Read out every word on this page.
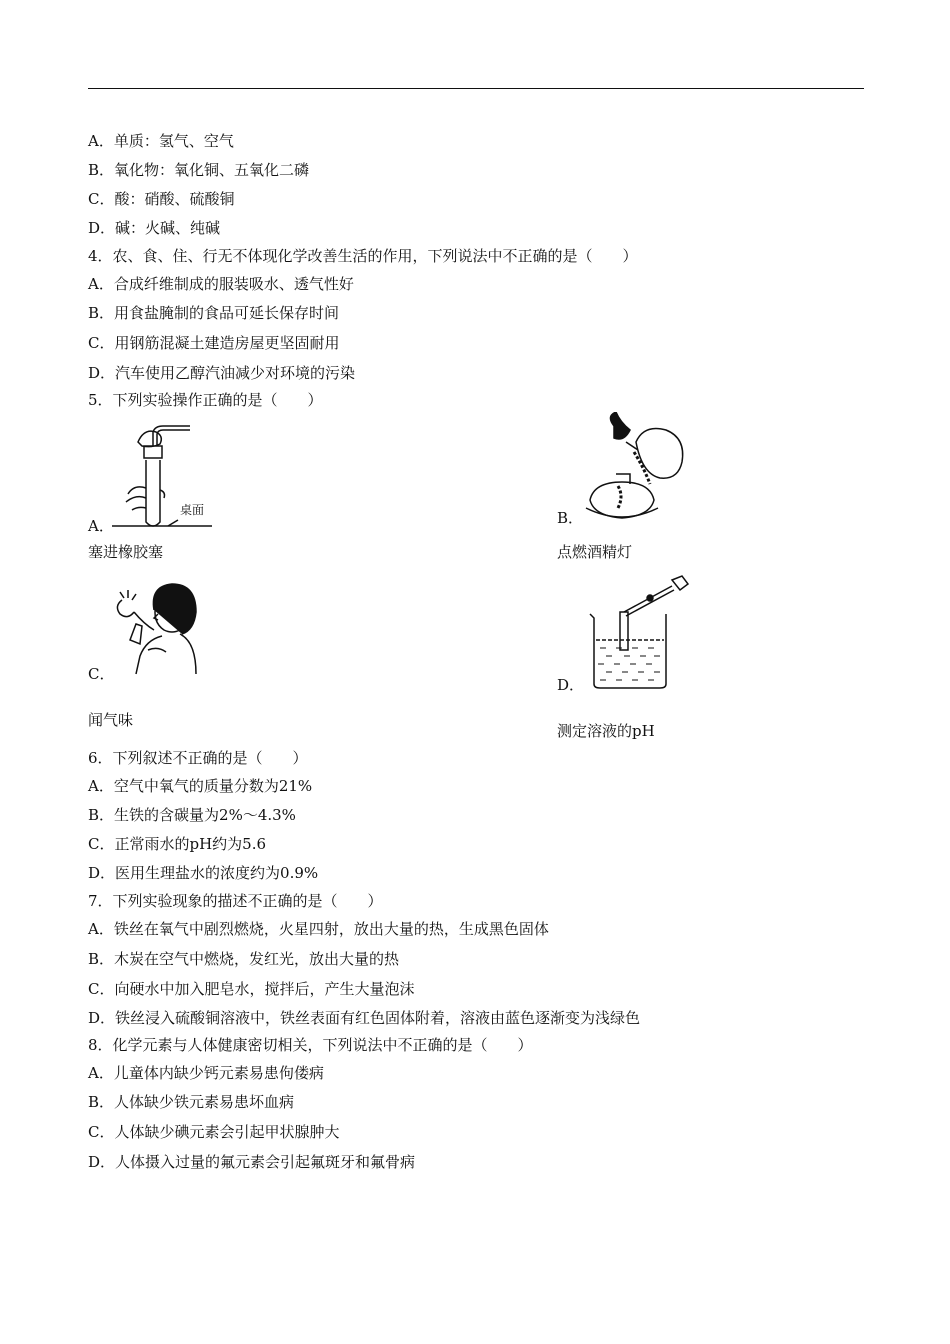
A．单质：氢气、空气
B．氧化物：氧化铜、五氧化二磷
C．酸：硝酸、硫酸铜
D．碱：火碱、纯碱
4．农、食、住、行无不体现化学改善生活的作用，下列说法中不正确的是（　　）
A．合成纤维制成的服装吸水、透气性好
B．用食盐腌制的食品可延长保存时间
C．用钢筋混凝土建造房屋更坚固耐用
D．汽车使用乙醇汽油减少对环境的污染
5．下列实验操作正确的是（　　）
桌面
A．
塞进橡胶塞
B．
点燃酒精灯
C．
闻气味
D．
测定溶液的pH
6．下列叙述不正确的是（　　）
A．空气中氧气的质量分数为21%
B．生铁的含碳量为2%～4.3%
C．正常雨水的pH约为5.6
D．医用生理盐水的浓度约为0.9%
7．下列实验现象的描述不正确的是（　　）
A．铁丝在氧气中剧烈燃烧，火星四射，放出大量的热，生成黑色固体
B．木炭在空气中燃烧，发红光，放出大量的热
C．向硬水中加入肥皂水，搅拌后，产生大量泡沫
D．铁丝浸入硫酸铜溶液中，铁丝表面有红色固体附着，溶液由蓝色逐渐变为浅绿色
8．化学元素与人体健康密切相关，下列说法中不正确的是（　　）
A．儿童体内缺少钙元素易患佝偻病
B．人体缺少铁元素易患坏血病
C．人体缺少碘元素会引起甲状腺肿大
D．人体摄入过量的氟元素会引起氟斑牙和氟骨病
